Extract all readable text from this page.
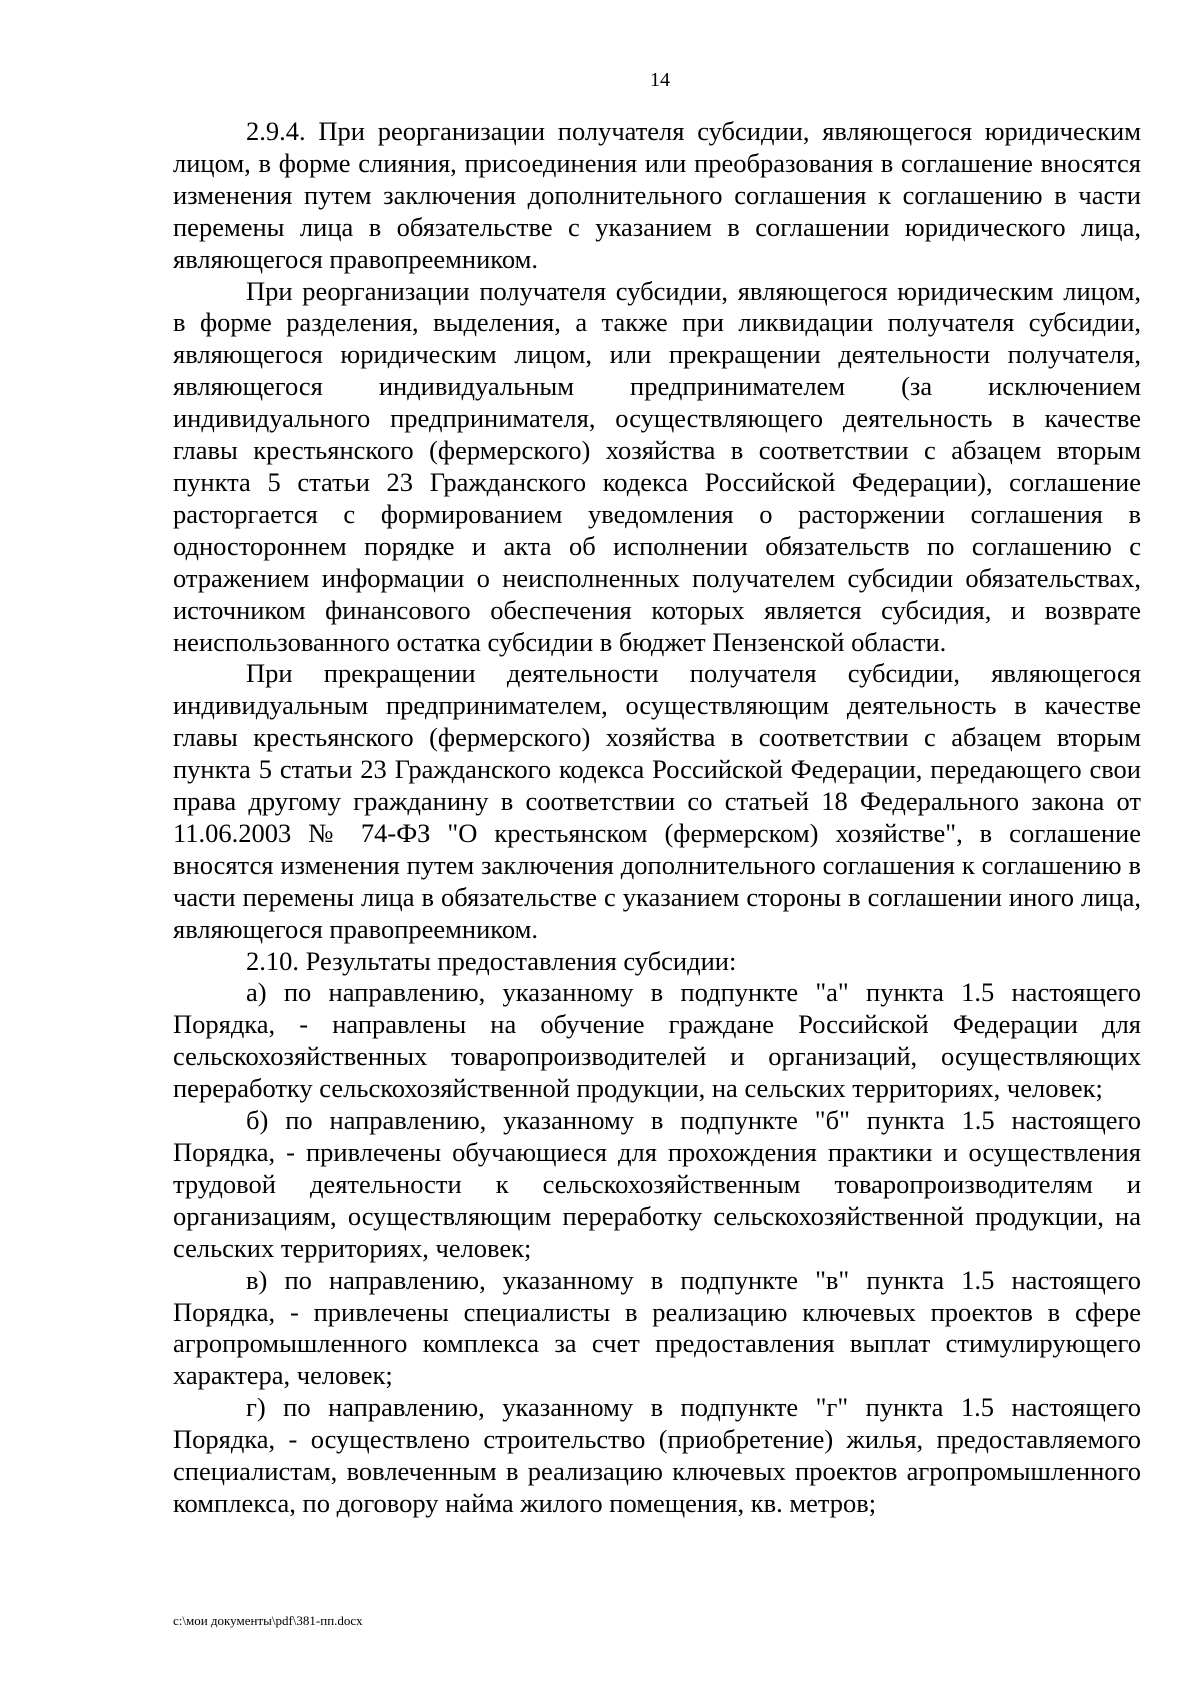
14

2.9.4. При реорганизации получателя субсидии, являющегося юридическим лицом, в форме слияния, присоединения или преобразования в соглашение вносятся изменения путем заключения дополнительного соглашения к соглашению в части перемены лица в обязательстве с указанием в соглашении юридического лица, являющегося правопреемником.

При реорганизации получателя субсидии, являющегося юридическим лицом, в форме разделения, выделения, а также при ликвидации получателя субсидии, являющегося юридическим лицом, или прекращении деятельности получателя, являющегося индивидуальным предпринимателем (за исключением индивидуального предпринимателя, осуществляющего деятельность в качестве главы крестьянского (фермерского) хозяйства в соответствии с абзацем вторым пункта 5 статьи 23 Гражданского кодекса Российской Федерации), соглашение расторгается с формированием уведомления о расторжении соглашения в одностороннем порядке и акта об исполнении обязательств по соглашению с отражением информации о неисполненных получателем субсидии обязательствах, источником финансового обеспечения которых является субсидия, и возврате неиспользованного остатка субсидии в бюджет Пензенской области.

При прекращении деятельности получателя субсидии, являющегося индивидуальным предпринимателем, осуществляющим деятельность в качестве главы крестьянского (фермерского) хозяйства в соответствии с абзацем вторым пункта 5 статьи 23 Гражданского кодекса Российской Федерации, передающего свои права другому гражданину в соответствии со статьей 18 Федерального закона от 11.06.2003 № 74-ФЗ "О крестьянском (фермерском) хозяйстве", в соглашение вносятся изменения путем заключения дополнительного соглашения к соглашению в части перемены лица в обязательстве с указанием стороны в соглашении иного лица, являющегося правопреемником.

2.10. Результаты предоставления субсидии:

а) по направлению, указанному в подпункте "а" пункта 1.5 настоящего Порядка, - направлены на обучение граждане Российской Федерации для сельскохозяйственных товаропроизводителей и организаций, осуществляющих переработку сельскохозяйственной продукции, на сельских территориях, человек;

б) по направлению, указанному в подпункте "б" пункта 1.5 настоящего Порядка, - привлечены обучающиеся для прохождения практики и осуществления трудовой деятельности к сельскохозяйственным товаропроизводителям и организациям, осуществляющим переработку сельскохозяйственной продукции, на сельских территориях, человек;

в) по направлению, указанному в подпункте "в" пункта 1.5 настоящего Порядка, - привлечены специалисты в реализацию ключевых проектов в сфере агропромышленного комплекса за счет предоставления выплат стимулирующего характера, человек;

г) по направлению, указанному в подпункте "г" пункта 1.5 настоящего Порядка, - осуществлено строительство (приобретение) жилья, предоставляемого специалистам, вовлеченным в реализацию ключевых проектов агропромышленного комплекса, по договору найма жилого помещения, кв. метров;

c:\мои документы\pdf\381-пп.docx
